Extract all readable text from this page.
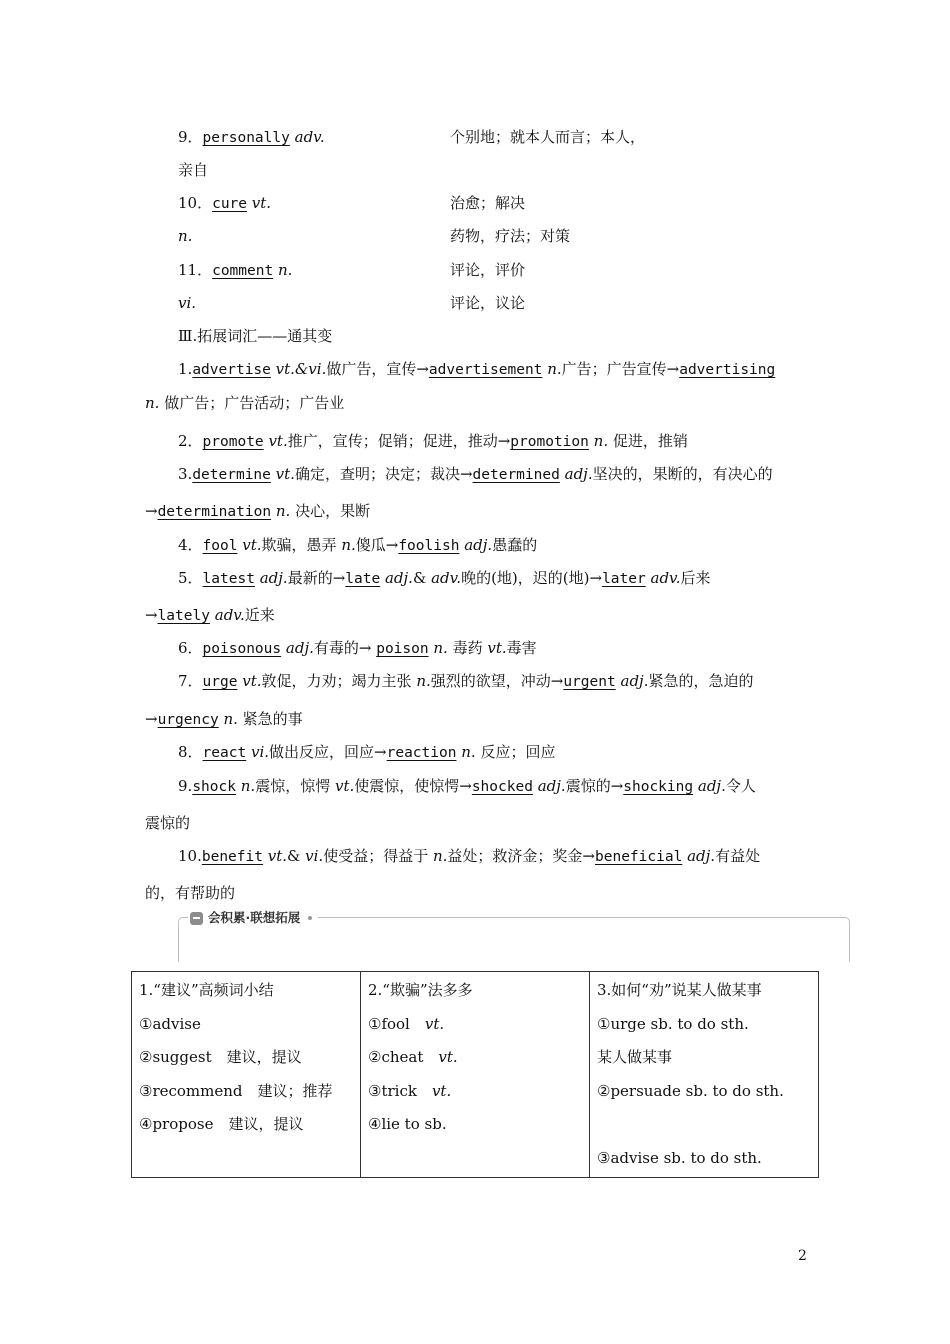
9．personally adv.	个别地；就本人而言；本人，
亲自
10．cure vt.	治愈；解决
n.	药物，疗法；对策
11．comment n.	评论，评价
vi.	评论，议论
Ⅲ.拓展词汇——通其变
1.advertise vt.&vi.做广告，宣传→advertisement n.广告；广告宣传→advertising
n. 做广告；广告活动；广告业
2．promote vt.推广，宣传；促销；促进，推动→promotion n. 促进，推销
3.determine vt.确定，查明；决定；裁决→determined adj.坚决的，果断的，有决心的
→determination n. 决心，果断
4．fool vt.欺骗，愚弄 n.傻瓜→foolish adj.愚蠢的
5．latest adj.最新的→late adj.& adv.晚的(地)，迟的(地)→later adv.后来
→lately adv.近来
6．poisonous adj.有毒的→ poison n. 毒药 vt.毒害
7．urge vt.敦促，力劝；竭力主张 n.强烈的欲望，冲动→urgent adj.紧急的，急迫的
→urgency n. 紧急的事
8．react vi.做出反应，回应→reaction n. 反应；回应
9.shock n.震惊，惊愕 vt.使震惊，使惊愕→shocked adj.震惊的→shocking adj.令人
震惊的
10.benefit vt.& vi.使受益；得益于 n.益处；救济金；奖金→beneficial adj.有益处
的，有帮助的
会积累·联想拓展
1.“建议”高频词小结
①advise
②suggest　建议，提议
③recommend　建议；推荐
④propose　建议，提议

2.“欺骗”法多多
①fool　vt.
②cheat　vt.
③trick　vt.
④lie to sb.

3.如何“劝”说某人做某事
①urge sb. to do sth.
某人做某事
②persuade sb. to do sth.

③advise sb. to do sth.
2
